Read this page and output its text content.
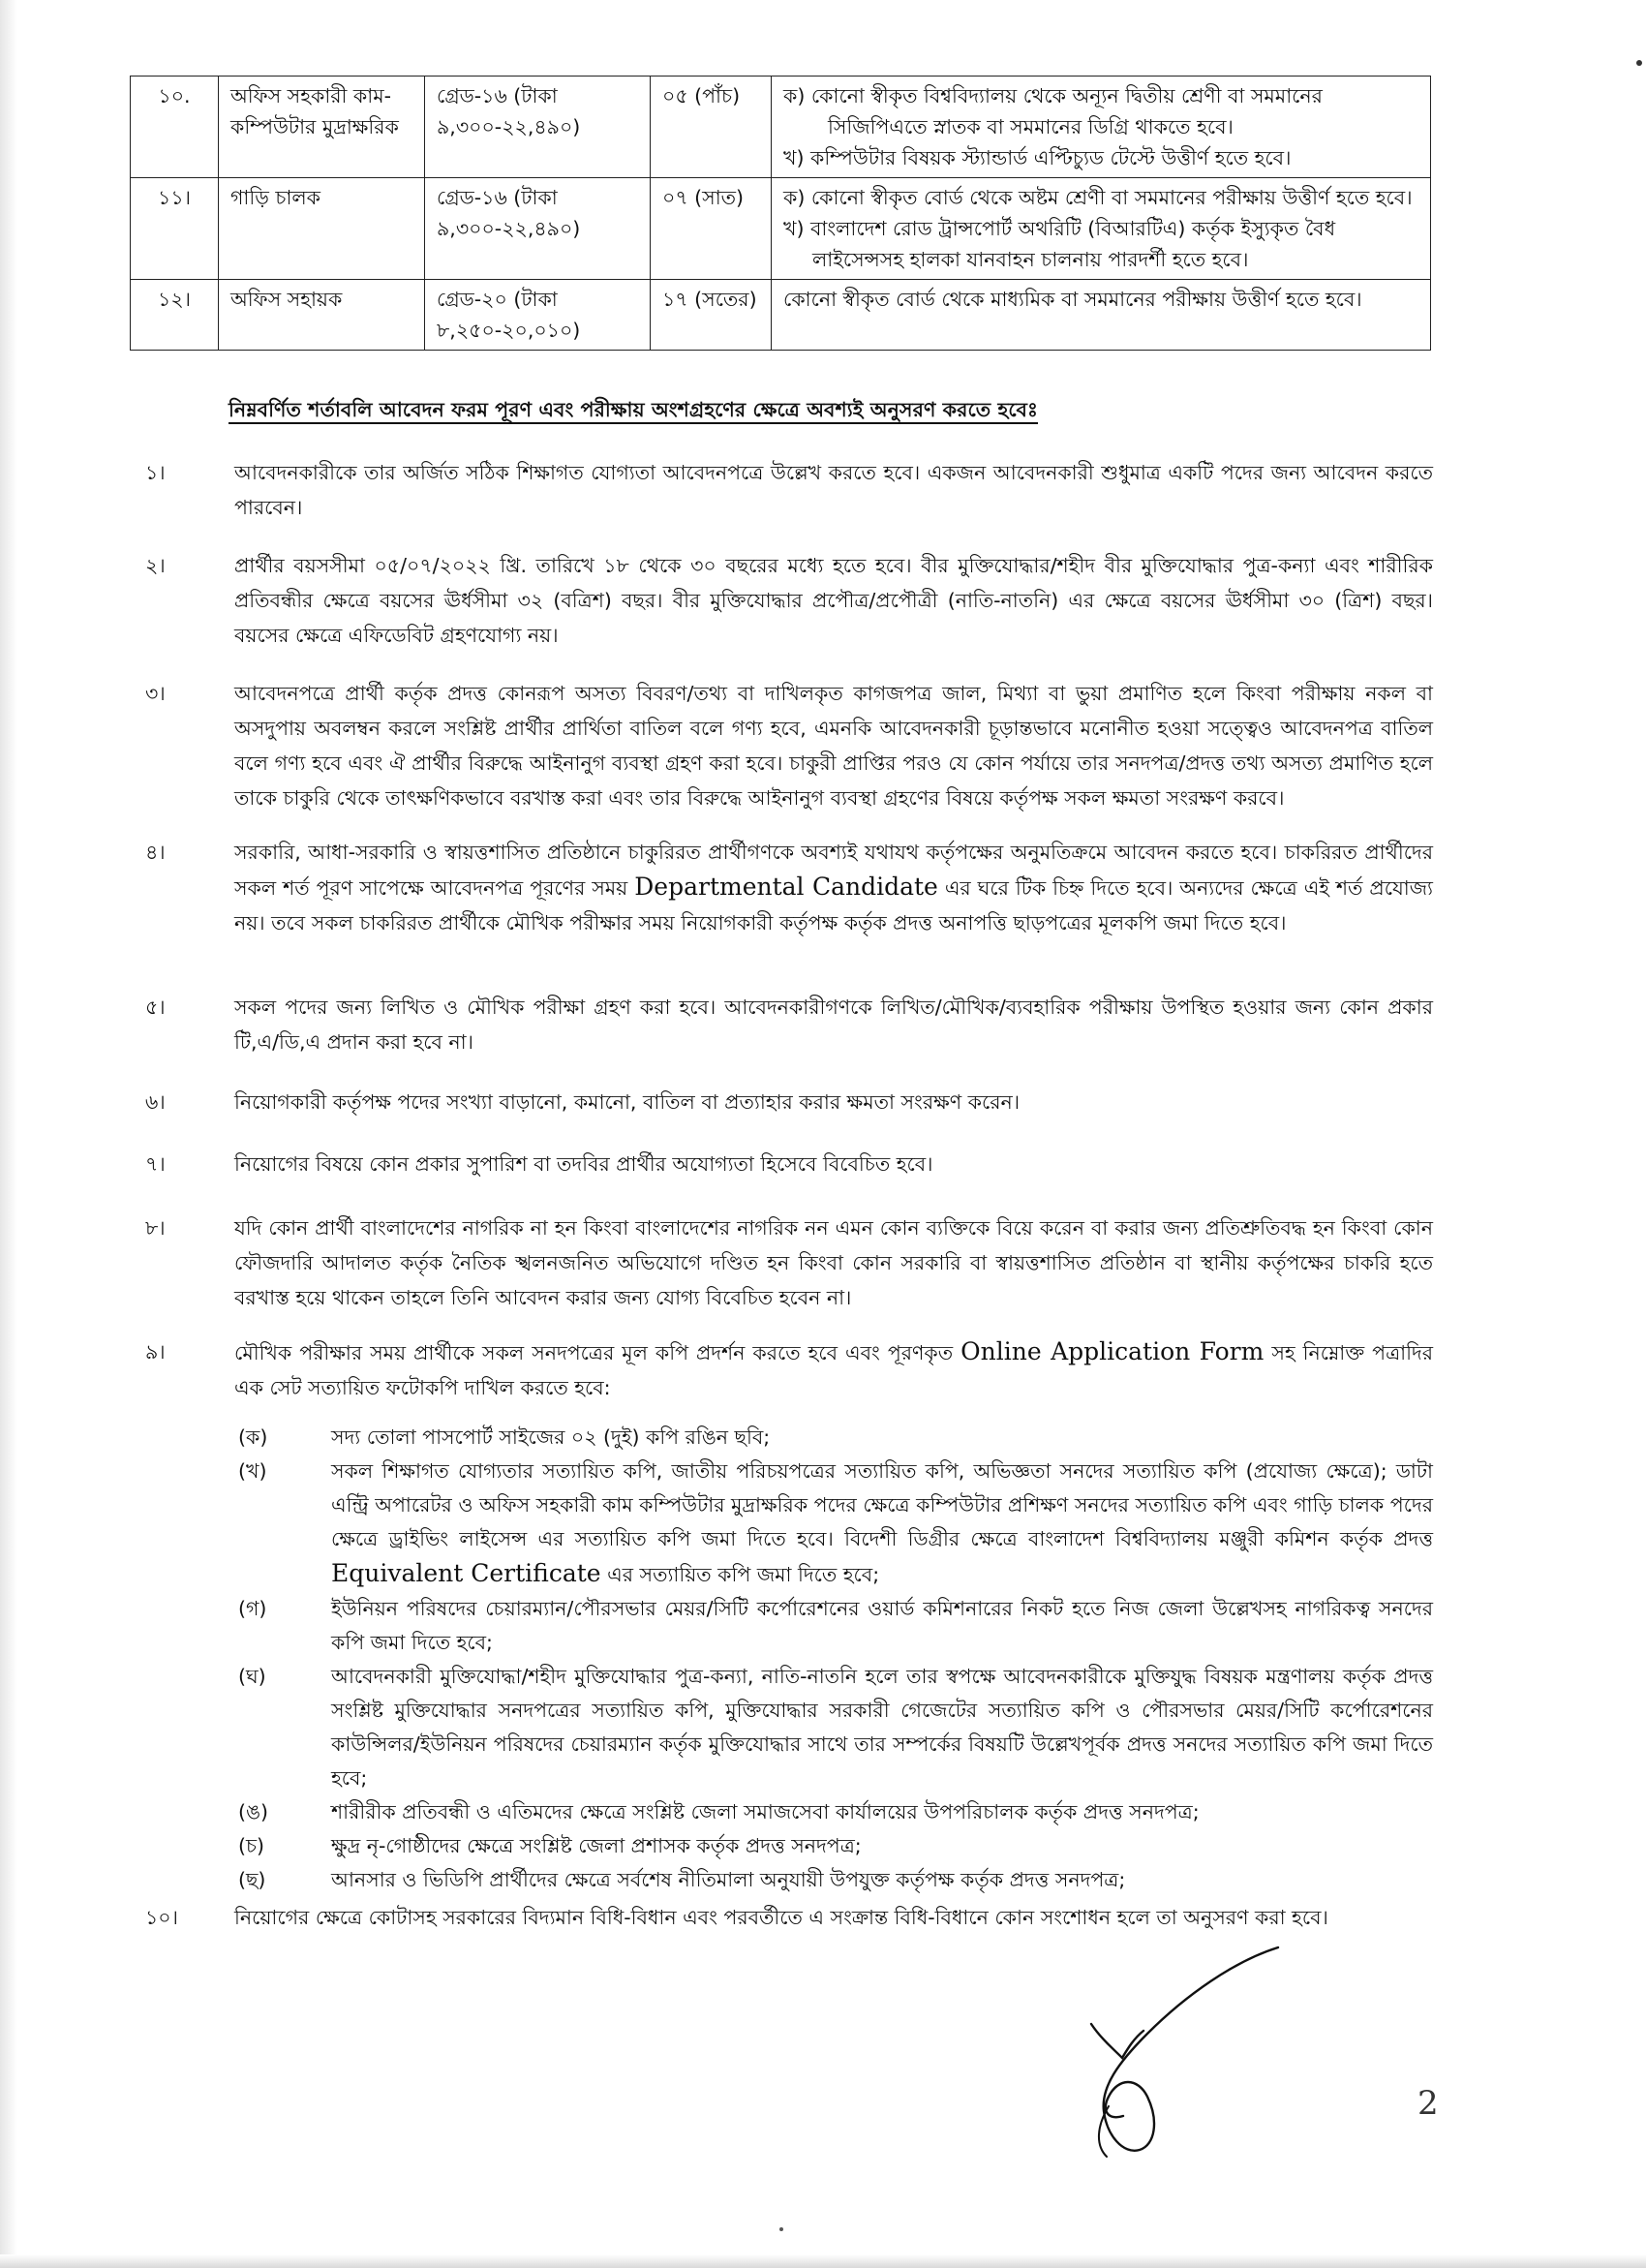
১০.	অফিস সহকারী কাম-কম্পিউটার মুদ্রাক্ষরিক	গ্রেড-১৬ (টাকা ৯,৩০০-২২,৪৯০)	০৫ (পাঁচ)	ক) কোনো স্বীকৃত বিশ্ববিদ্যালয় থেকে অন্যূন দ্বিতীয় শ্রেণী বা সমমানের
সিজিপিএতে স্নাতক বা সমমানের ডিগ্রি থাকতে হবে।
খ) কম্পিউটার বিষয়ক স্ট্যান্ডার্ড এপ্টিচ্যুড টেস্টে উত্তীর্ণ হতে হবে।

১১।	গাড়ি চালক	গ্রেড-১৬ (টাকা ৯,৩০০-২২,৪৯০)	০৭ (সাত)	ক) কোনো স্বীকৃত বোর্ড থেকে অষ্টম শ্রেণী বা সমমানের পরীক্ষায় উত্তীর্ণ হতে হবে।
খ) বাংলাদেশ রোড ট্রান্সপোর্ট অথরিটি (বিআরটিএ) কর্তৃক ইস্যুকৃত বৈধ লাইসেন্সসহ হালকা যানবাহন চালনায় পারদর্শী হতে হবে।

১২।	অফিস সহায়ক	গ্রেড-২০ (টাকা ৮,২৫০-২০,০১০)	১৭ (সতের)	কোনো স্বীকৃত বোর্ড থেকে মাধ্যমিক বা সমমানের পরীক্ষায় উত্তীর্ণ হতে হবে।
নিম্নবর্ণিত শর্তাবলি আবেদন ফরম পূরণ এবং পরীক্ষায় অংশগ্রহণের ক্ষেত্রে অবশ্যই অনুসরণ করতে হবেঃ
১।	আবেদনকারীকে তার অর্জিত সঠিক শিক্ষাগত যোগ্যতা আবেদনপত্রে উল্লেখ করতে হবে। একজন আবেদনকারী শুধুমাত্র একটি পদের জন্য আবেদন করতে পারবেন।
২।	প্রার্থীর বয়সসীমা ০৫/০৭/২০২২ খ্রি. তারিখে ১৮ থেকে ৩০ বছরের মধ্যে হতে হবে। বীর মুক্তিযোদ্ধার/শহীদ বীর মুক্তিযোদ্ধার পুত্র-কন্যা এবং শারীরিক প্রতিবন্ধীর ক্ষেত্রে বয়সের ঊর্ধসীমা ৩২ (বত্রিশ) বছর। বীর মুক্তিযোদ্ধার প্রপৌত্র/প্রপৌত্রী (নাতি-নাতনি) এর ক্ষেত্রে বয়সের ঊর্ধসীমা ৩০ (ত্রিশ) বছর। বয়সের ক্ষেত্রে এফিডেবিট গ্রহণযোগ্য নয়।
৩।	আবেদনপত্রে প্রার্থী কর্তৃক প্রদত্ত কোনরূপ অসত্য বিবরণ/তথ্য বা দাখিলকৃত কাগজপত্র জাল, মিথ্যা বা ভুয়া প্রমাণিত হলে কিংবা পরীক্ষায় নকল বা অসদুপায় অবলম্বন করলে সংশ্লিষ্ট প্রার্থীর প্রার্থিতা বাতিল বলে গণ্য হবে, এমনকি আবেদনকারী চূড়ান্তভাবে মনোনীত হওয়া সত্ত্বেও আবেদনপত্র বাতিল বলে গণ্য হবে এবং ঐ প্রার্থীর বিরুদ্ধে আইনানুগ ব্যবস্থা গ্রহণ করা হবে। চাকুরী প্রাপ্তির পরও যে কোন পর্যায়ে তার সনদপত্র/প্রদত্ত তথ্য অসত্য প্রমাণিত হলে তাকে চাকুরি থেকে তাৎক্ষণিকভাবে বরখাস্ত করা এবং তার বিরুদ্ধে আইনানুগ ব্যবস্থা গ্রহণের বিষয়ে কর্তৃপক্ষ সকল ক্ষমতা সংরক্ষণ করবে।
৪।	সরকারি, আধা-সরকারি ও স্বায়ত্তশাসিত প্রতিষ্ঠানে চাকুরিরত প্রার্থীগণকে অবশ্যই যথাযথ কর্তৃপক্ষের অনুমতিক্রমে আবেদন করতে হবে। চাকরিরত প্রার্থীদের সকল শর্ত পূরণ সাপেক্ষে আবেদনপত্র পূরণের সময় Departmental Candidate এর ঘরে টিক চিহ্ন দিতে হবে। অন্যদের ক্ষেত্রে এই শর্ত প্রযোজ্য নয়। তবে সকল চাকরিরত প্রার্থীকে মৌখিক পরীক্ষার সময় নিয়োগকারী কর্তৃপক্ষ কর্তৃক প্রদত্ত অনাপত্তি ছাড়পত্রের মূলকপি জমা দিতে হবে।
৫।	সকল পদের জন্য লিখিত ও মৌখিক পরীক্ষা গ্রহণ করা হবে। আবেদনকারীগণকে লিখিত/মৌখিক/ব্যবহারিক পরীক্ষায় উপস্থিত হওয়ার জন্য কোন প্রকার টি,এ/ডি,এ প্রদান করা হবে না।
৬।	নিয়োগকারী কর্তৃপক্ষ পদের সংখ্যা বাড়ানো, কমানো, বাতিল বা প্রত্যাহার করার ক্ষমতা সংরক্ষণ করেন।
৭।	নিয়োগের বিষয়ে কোন প্রকার সুপারিশ বা তদবির প্রার্থীর অযোগ্যতা হিসেবে বিবেচিত হবে।
৮।	যদি কোন প্রার্থী বাংলাদেশের নাগরিক না হন কিংবা বাংলাদেশের নাগরিক নন এমন কোন ব্যক্তিকে বিয়ে করেন বা করার জন্য প্রতিশ্রুতিবদ্ধ হন কিংবা কোন ফৌজদারি আদালত কর্তৃক নৈতিক স্খলনজনিত অভিযোগে দণ্ডিত হন কিংবা কোন সরকারি বা স্বায়ত্তশাসিত প্রতিষ্ঠান বা স্থানীয় কর্তৃপক্ষের চাকরি হতে বরখাস্ত হয়ে থাকেন তাহলে তিনি আবেদন করার জন্য যোগ্য বিবেচিত হবেন না।
৯।	মৌখিক পরীক্ষার সময় প্রার্থীকে সকল সনদপত্রের মূল কপি প্রদর্শন করতে হবে এবং পূরণকৃত Online Application Form সহ নিম্নোক্ত পত্রাদির এক সেট সত্যায়িত ফটোকপি দাখিল করতে হবে:
(ক)	সদ্য তোলা পাসপোর্ট সাইজের ০২ (দুই) কপি রঙিন ছবি;
(খ)	সকল শিক্ষাগত যোগ্যতার সত্যায়িত কপি, জাতীয় পরিচয়পত্রের সত্যায়িত কপি, অভিজ্ঞতা সনদের সত্যায়িত কপি (প্রযোজ্য ক্ষেত্রে); ডাটা এন্ট্রি অপারেটর ও অফিস সহকারী কাম কম্পিউটার মুদ্রাক্ষরিক পদের ক্ষেত্রে কম্পিউটার প্রশিক্ষণ সনদের সত্যায়িত কপি এবং গাড়ি চালক পদের ক্ষেত্রে ড্রাইভিং লাইসেন্স এর সত্যায়িত কপি জমা দিতে হবে। বিদেশী ডিগ্রীর ক্ষেত্রে বাংলাদেশ বিশ্ববিদ্যালয় মঞ্জুরী কমিশন কর্তৃক প্রদত্ত Equivalent Certificate এর সত্যায়িত কপি জমা দিতে হবে;
(গ)	ইউনিয়ন পরিষদের চেয়ারম্যান/পৌরসভার মেয়র/সিটি কর্পোরেশনের ওয়ার্ড কমিশনারের নিকট হতে নিজ জেলা উল্লেখসহ নাগরিকত্ব সনদের কপি জমা দিতে হবে;
(ঘ)	আবেদনকারী মুক্তিযোদ্ধা/শহীদ মুক্তিযোদ্ধার পুত্র-কন্যা, নাতি-নাতনি হলে তার স্বপক্ষে আবেদনকারীকে মুক্তিযুদ্ধ বিষয়ক মন্ত্রণালয় কর্তৃক প্রদত্ত সংশ্লিষ্ট মুক্তিযোদ্ধার সনদপত্রের সত্যায়িত কপি, মুক্তিযোদ্ধার সরকারী গেজেটের সত্যায়িত কপি ও পৌরসভার মেয়র/সিটি কর্পোরেশনের কাউন্সিলর/ইউনিয়ন পরিষদের চেয়ারম্যান কর্তৃক মুক্তিযোদ্ধার সাথে তার সম্পর্কের বিষয়টি উল্লেখপূর্বক প্রদত্ত সনদের সত্যায়িত কপি জমা দিতে হবে;
(ঙ)	শারীরীক প্রতিবন্ধী ও এতিমদের ক্ষেত্রে সংশ্লিষ্ট জেলা সমাজসেবা কার্যালয়ের উপপরিচালক কর্তৃক প্রদত্ত সনদপত্র;
(চ)	ক্ষুদ্র নৃ-গোষ্ঠীদের ক্ষেত্রে সংশ্লিষ্ট জেলা প্রশাসক কর্তৃক প্রদত্ত সনদপত্র;
(ছ)	আনসার ও ভিডিপি প্রার্থীদের ক্ষেত্রে সর্বশেষ নীতিমালা অনুযায়ী উপযুক্ত কর্তৃপক্ষ কর্তৃক প্রদত্ত সনদপত্র;
১০।	নিয়োগের ক্ষেত্রে কোটাসহ সরকারের বিদ্যমান বিধি-বিধান এবং পরবর্তীতে এ সংক্রান্ত বিধি-বিধানে কোন সংশোধন হলে তা অনুসরণ করা হবে।
2
